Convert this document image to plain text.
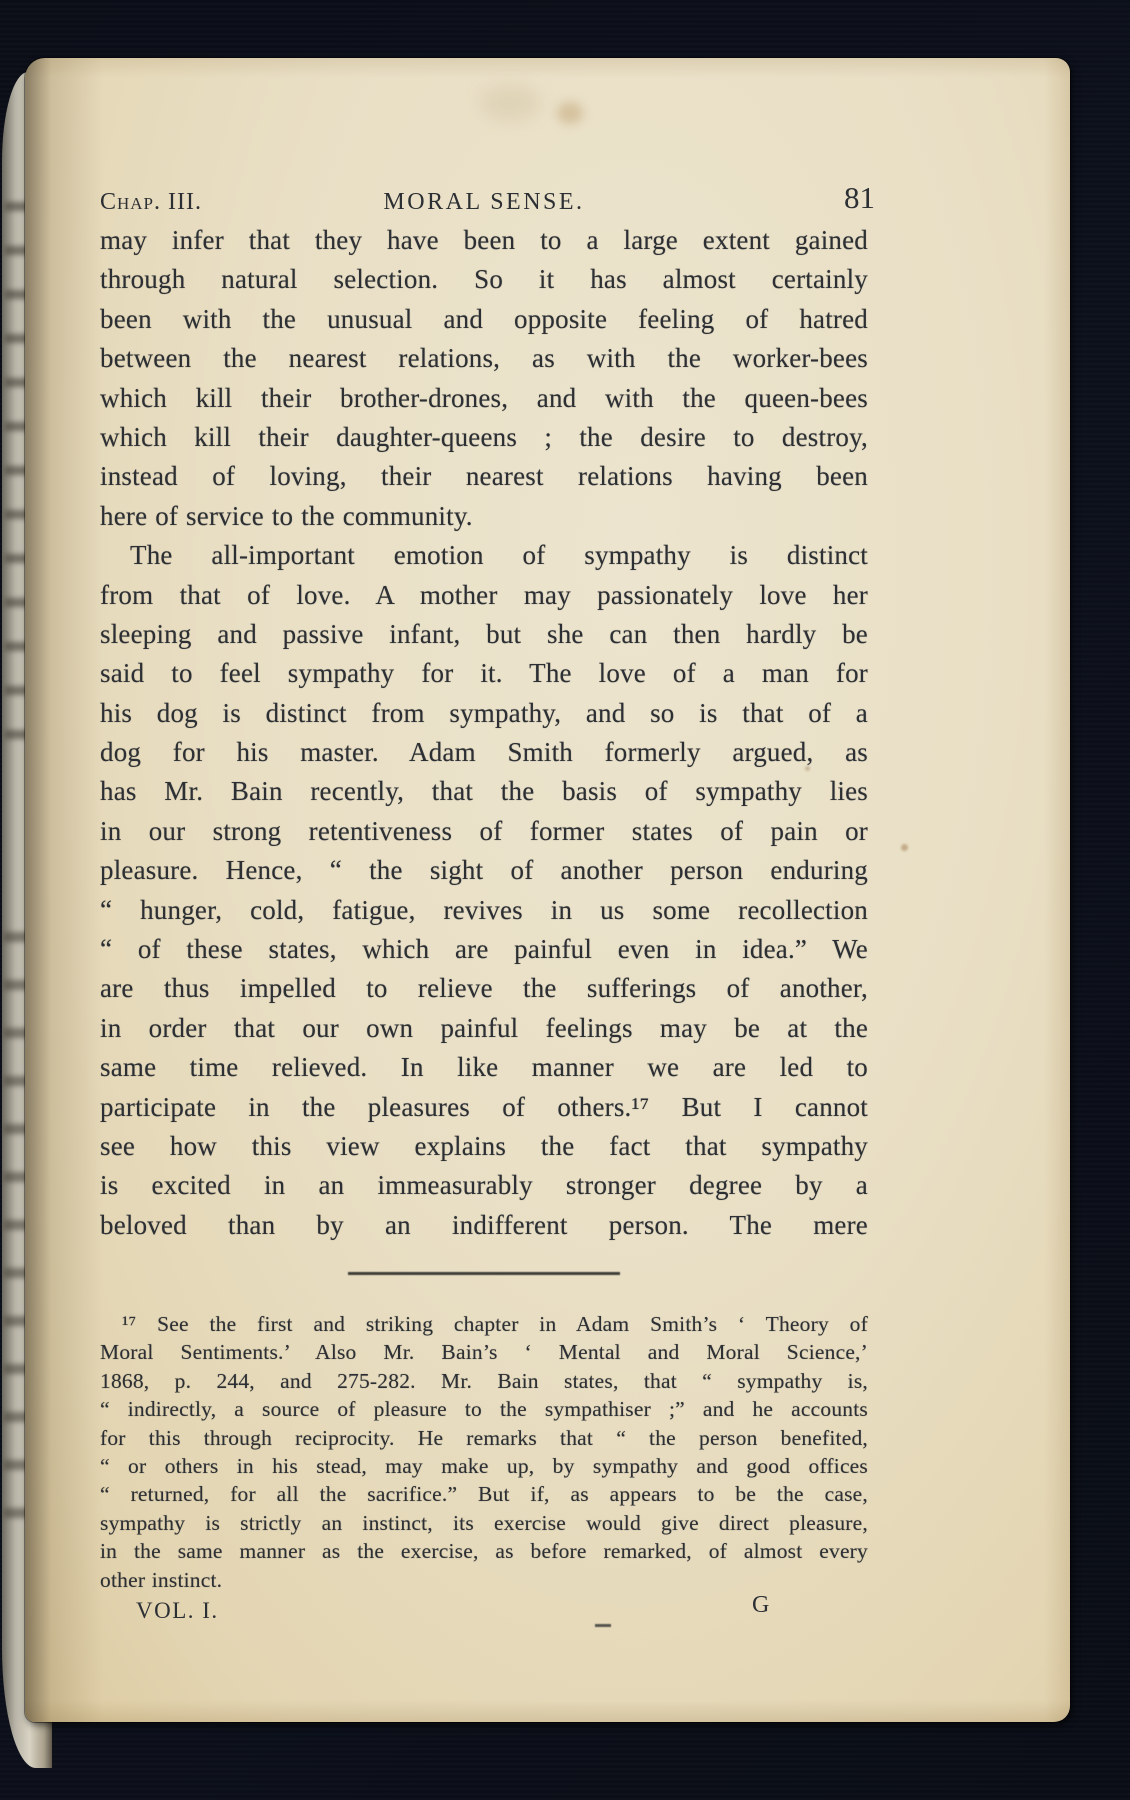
Chap. III.	MORAL SENSE.	81
may infer that they have been to a large extent gained
through natural selection. So it has almost certainly
been with the unusual and opposite feeling of hatred
between the nearest relations, as with the worker-bees
which kill their brother-drones, and with the queen-bees
which kill their daughter-queens ; the desire to destroy,
instead of loving, their nearest relations having been
here of service to the community.
The all-important emotion of sympathy is distinct
from that of love. A mother may passionately love her
sleeping and passive infant, but she can then hardly be
said to feel sympathy for it. The love of a man for
his dog is distinct from sympathy, and so is that of a
dog for his master. Adam Smith formerly argued, as
has Mr. Bain recently, that the basis of sympathy lies
in our strong retentiveness of former states of pain or
pleasure. Hence, “ the sight of another person enduring
“ hunger, cold, fatigue, revives in us some recollection
“ of these states, which are painful even in idea.” We
are thus impelled to relieve the sufferings of another,
in order that our own painful feelings may be at the
same time relieved. In like manner we are led to
participate in the pleasures of others.¹⁷ But I cannot
see how this view explains the fact that sympathy
is excited in an immeasurably stronger degree by a
beloved than by an indifferent person. The mere
¹⁷ See the first and striking chapter in Adam Smith’s ‘ Theory of
Moral Sentiments.’ Also Mr. Bain’s ‘ Mental and Moral Science,’
1868, p. 244, and 275-282. Mr. Bain states, that “ sympathy is,
“ indirectly, a source of pleasure to the sympathiser ;” and he accounts
for this through reciprocity. He remarks that “ the person benefited,
“ or others in his stead, may make up, by sympathy and good offices
“ returned, for all the sacrifice.” But if, as appears to be the case,
sympathy is strictly an instinct, its exercise would give direct pleasure,
in the same manner as the exercise, as before remarked, of almost every
other instinct.
VOL. I.	G
